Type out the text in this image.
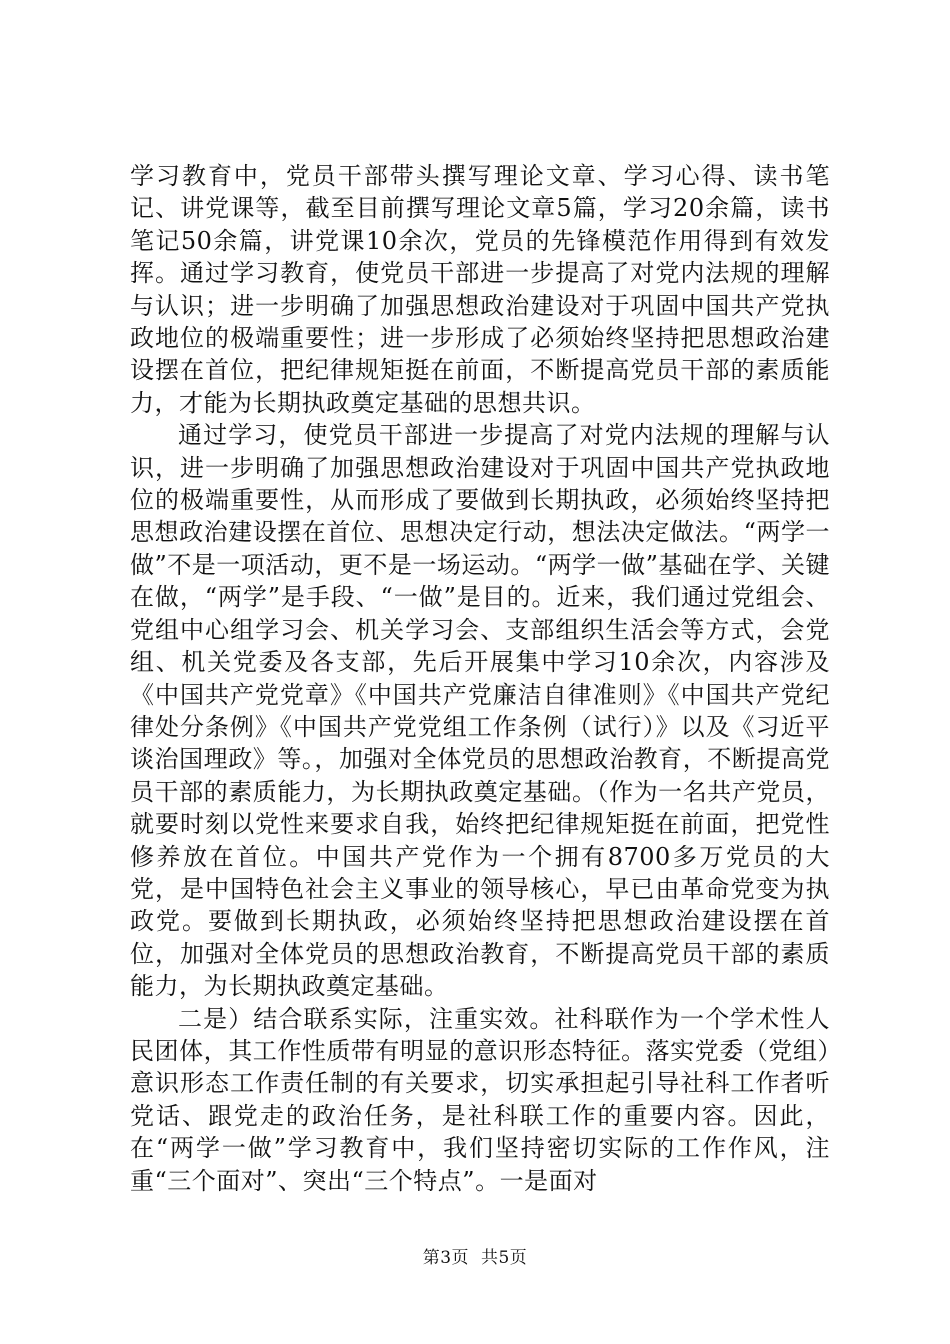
学习教育中，党员干部带头撰写理论文章、学习心得、读书笔记、讲党课等，截至目前撰写理论文章5篇，学习20余篇，读书笔记50余篇，讲党课10余次，党员的先锋模范作用得到有效发挥。通过学习教育，使党员干部进一步提高了对党内法规的理解与认识；进一步明确了加强思想政治建设对于巩固中国共产党执政地位的极端重要性；进一步形成了必须始终坚持把思想政治建设摆在首位，把纪律规矩挺在前面，不断提高党员干部的素质能力，才能为长期执政奠定基础的思想共识。

通过学习，使党员干部进一步提高了对党内法规的理解与认识，进一步明确了加强思想政治建设对于巩固中国共产党执政地位的极端重要性，从而形成了要做到长期执政，必须始终坚持把思想政治建设摆在首位、思想决定行动，想法决定做法。“两学一做”不是一项活动，更不是一场运动。“两学一做”基础在学、关键在做，“两学”是手段、“一做”是目的。近来，我们通过党组会、党组中心组学习会、机关学习会、支部组织生活会等方式，会党组、机关党委及各支部，先后开展集中学习10余次，内容涉及《中国共产党党章》《中国共产党廉洁自律准则》《中国共产党纪律处分条例》《中国共产党党组工作条例（试行）》以及《习近平谈治国理政》等。，加强对全体党员的思想政治教育，不断提高党员干部的素质能力，为长期执政奠定基础。（作为一名共产党员，就要时刻以党性来要求自我，始终把纪律规矩挺在前面，把党性修养放在首位。中国共产党作为一个拥有8700多万党员的大党，是中国特色社会主义事业的领导核心，早已由革命党变为执政党。要做到长期执政，必须始终坚持把思想政治建设摆在首位，加强对全体党员的思想政治教育，不断提高党员干部的素质能力，为长期执政奠定基础。

二是）结合联系实际，注重实效。社科联作为一个学术性人民团体，其工作性质带有明显的意识形态特征。落实党委（党组）意识形态工作责任制的有关要求，切实承担起引导社科工作者听党话、跟党走的政治任务，是社科联工作的重要内容。因此，在“两学一做”学习教育中，我们坚持密切实际的工作作风，注重“三个面对”、突出“三个特点”。一是面对

第3页 共5页
